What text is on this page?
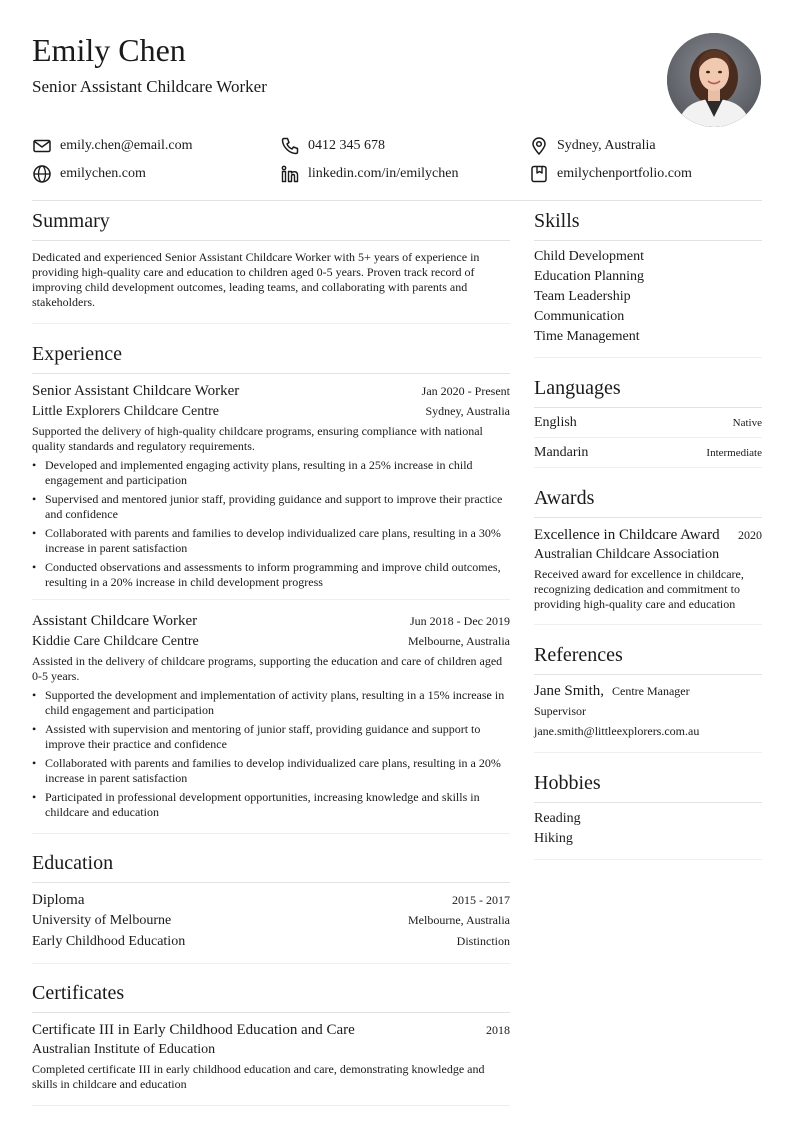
Emily Chen
Senior Assistant Childcare Worker
emily.chen@email.com	0412 345 678	Sydney, Australia
emilychen.com	linkedin.com/in/emilychen	emilychenportfolio.com
Summary
Dedicated and experienced Senior Assistant Childcare Worker with 5+ years of experience in providing high-quality care and education to children aged 0-5 years. Proven track record of improving child development outcomes, leading teams, and collaborating with parents and stakeholders.
Experience
Senior Assistant Childcare Worker	Jan 2020 - Present
Little Explorers Childcare Centre	Sydney, Australia
Supported the delivery of high-quality childcare programs, ensuring compliance with national quality standards and regulatory requirements.
• Developed and implemented engaging activity plans, resulting in a 25% increase in child engagement and participation
• Supervised and mentored junior staff, providing guidance and support to improve their practice and confidence
• Collaborated with parents and families to develop individualized care plans, resulting in a 30% increase in parent satisfaction
• Conducted observations and assessments to inform programming and improve child outcomes, resulting in a 20% increase in child development progress
Assistant Childcare Worker	Jun 2018 - Dec 2019
Kiddie Care Childcare Centre	Melbourne, Australia
Assisted in the delivery of childcare programs, supporting the education and care of children aged 0-5 years.
• Supported the development and implementation of activity plans, resulting in a 15% increase in child engagement and participation
• Assisted with supervision and mentoring of junior staff, providing guidance and support to improve their practice and confidence
• Collaborated with parents and families to develop individualized care plans, resulting in a 20% increase in parent satisfaction
• Participated in professional development opportunities, increasing knowledge and skills in childcare and education
Education
Diploma	2015 - 2017
University of Melbourne	Melbourne, Australia
Early Childhood Education	Distinction
Certificates
Certificate III in Early Childhood Education and Care	2018
Australian Institute of Education
Completed certificate III in early childhood education and care, demonstrating knowledge and skills in childcare and education
Skills
Child Development
Education Planning
Team Leadership
Communication
Time Management
Languages
English	Native
Mandarin	Intermediate
Awards
Excellence in Childcare Award 2020
Australian Childcare Association
Received award for excellence in childcare, recognizing dedication and commitment to providing high-quality care and education
References
Jane Smith, Centre Manager
Supervisor
jane.smith@littleexplorers.com.au
Hobbies
Reading
Hiking
